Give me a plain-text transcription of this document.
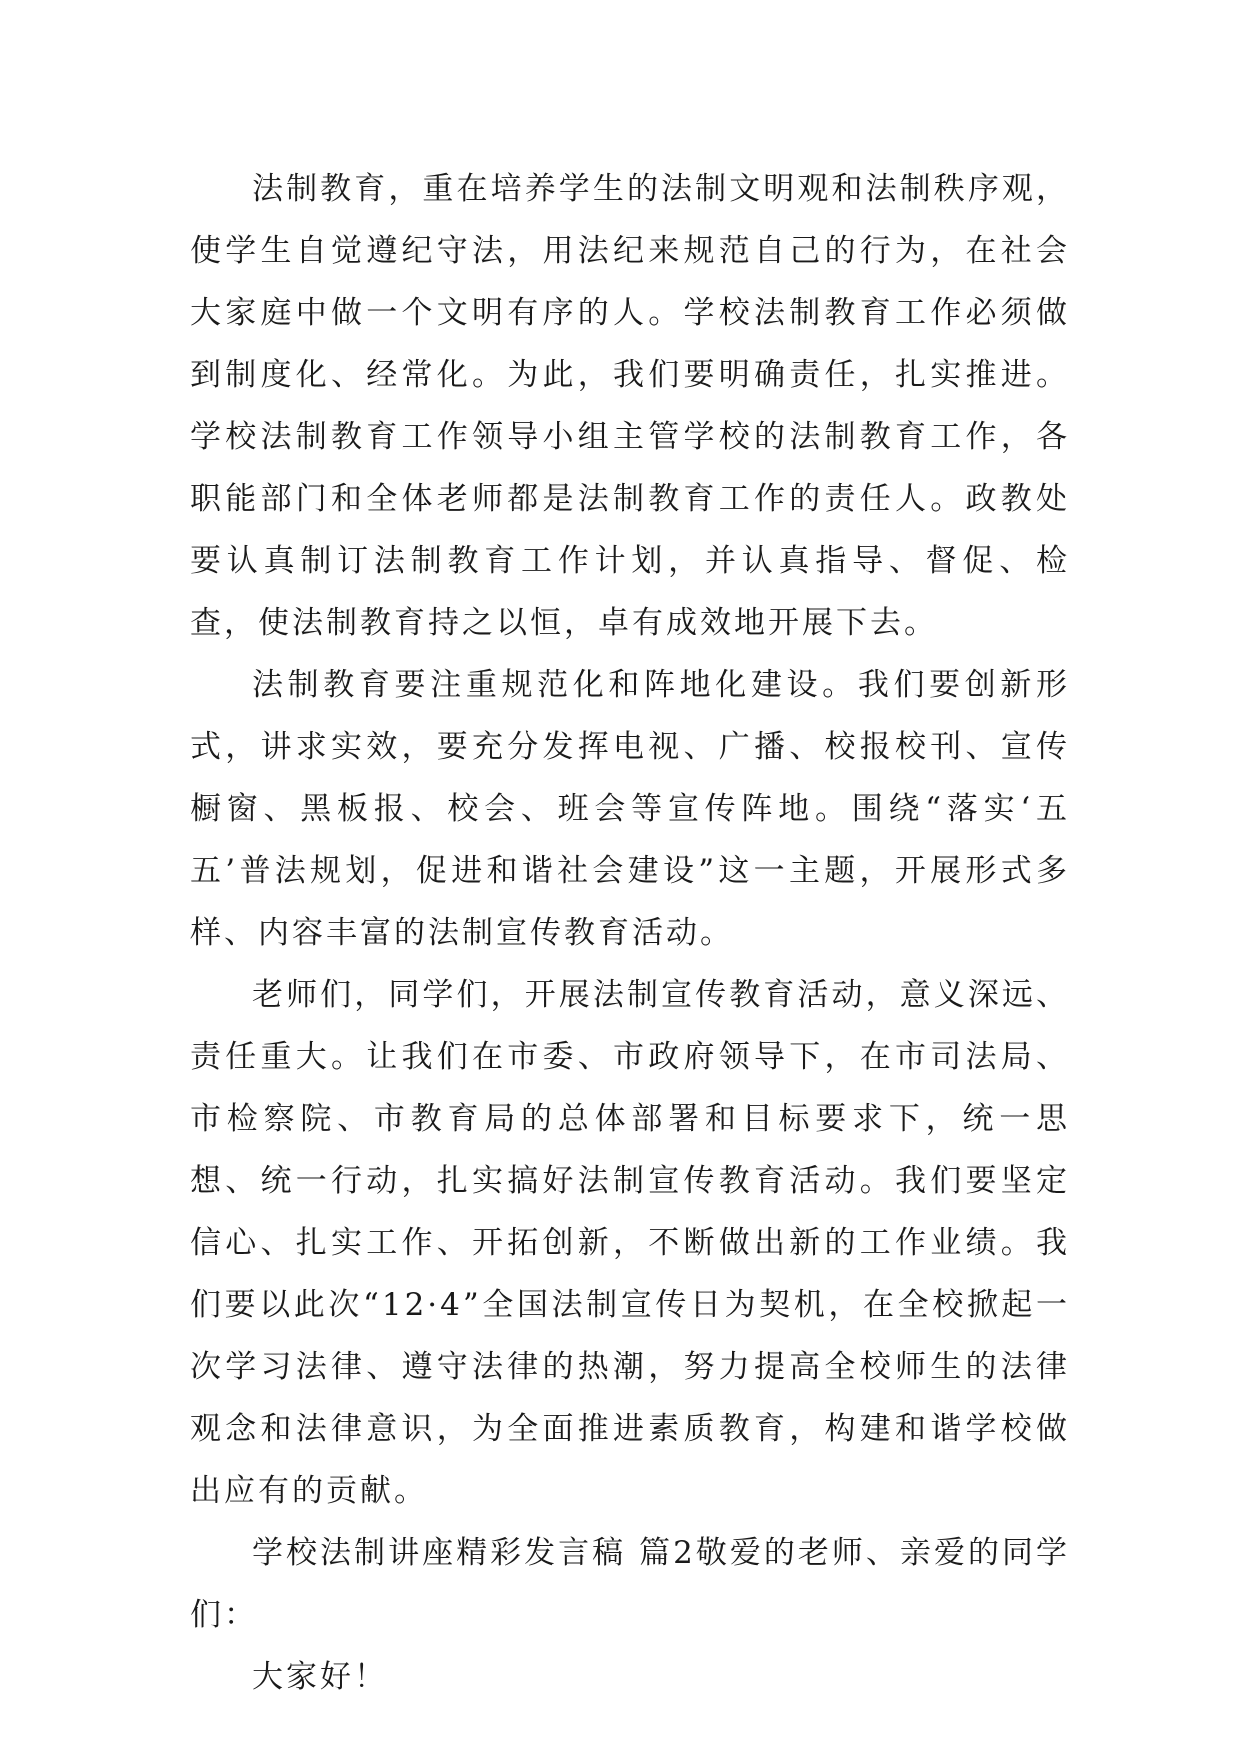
法制教育，重在培养学生的法制文明观和法制秩序观，使学生自觉遵纪守法，用法纪来规范自己的行为，在社会大家庭中做一个文明有序的人。学校法制教育工作必须做到制度化、经常化。为此，我们要明确责任，扎实推进。学校法制教育工作领导小组主管学校的法制教育工作，各职能部门和全体老师都是法制教育工作的责任人。政教处要认真制订法制教育工作计划，并认真指导、督促、检查，使法制教育持之以恒，卓有成效地开展下去。

法制教育要注重规范化和阵地化建设。我们要创新形式，讲求实效，要充分发挥电视、广播、校报校刊、宣传橱窗、黑板报、校会、班会等宣传阵地。围绕“落实‘五五’普法规划，促进和谐社会建设”这一主题，开展形式多样、内容丰富的法制宣传教育活动。

老师们，同学们，开展法制宣传教育活动，意义深远、责任重大。让我们在市委、市政府领导下，在市司法局、市检察院、市教育局的总体部署和目标要求下，统一思想、统一行动，扎实搞好法制宣传教育活动。我们要坚定信心、扎实工作、开拓创新，不断做出新的工作业绩。我们要以此次“12·4”全国法制宣传日为契机，在全校掀起一次学习法律、遵守法律的热潮，努力提高全校师生的法律观念和法律意识，为全面推进素质教育，构建和谐学校做出应有的贡献。

学校法制讲座精彩发言稿 篇2敬爱的老师、亲爱的同学们：

大家好！
